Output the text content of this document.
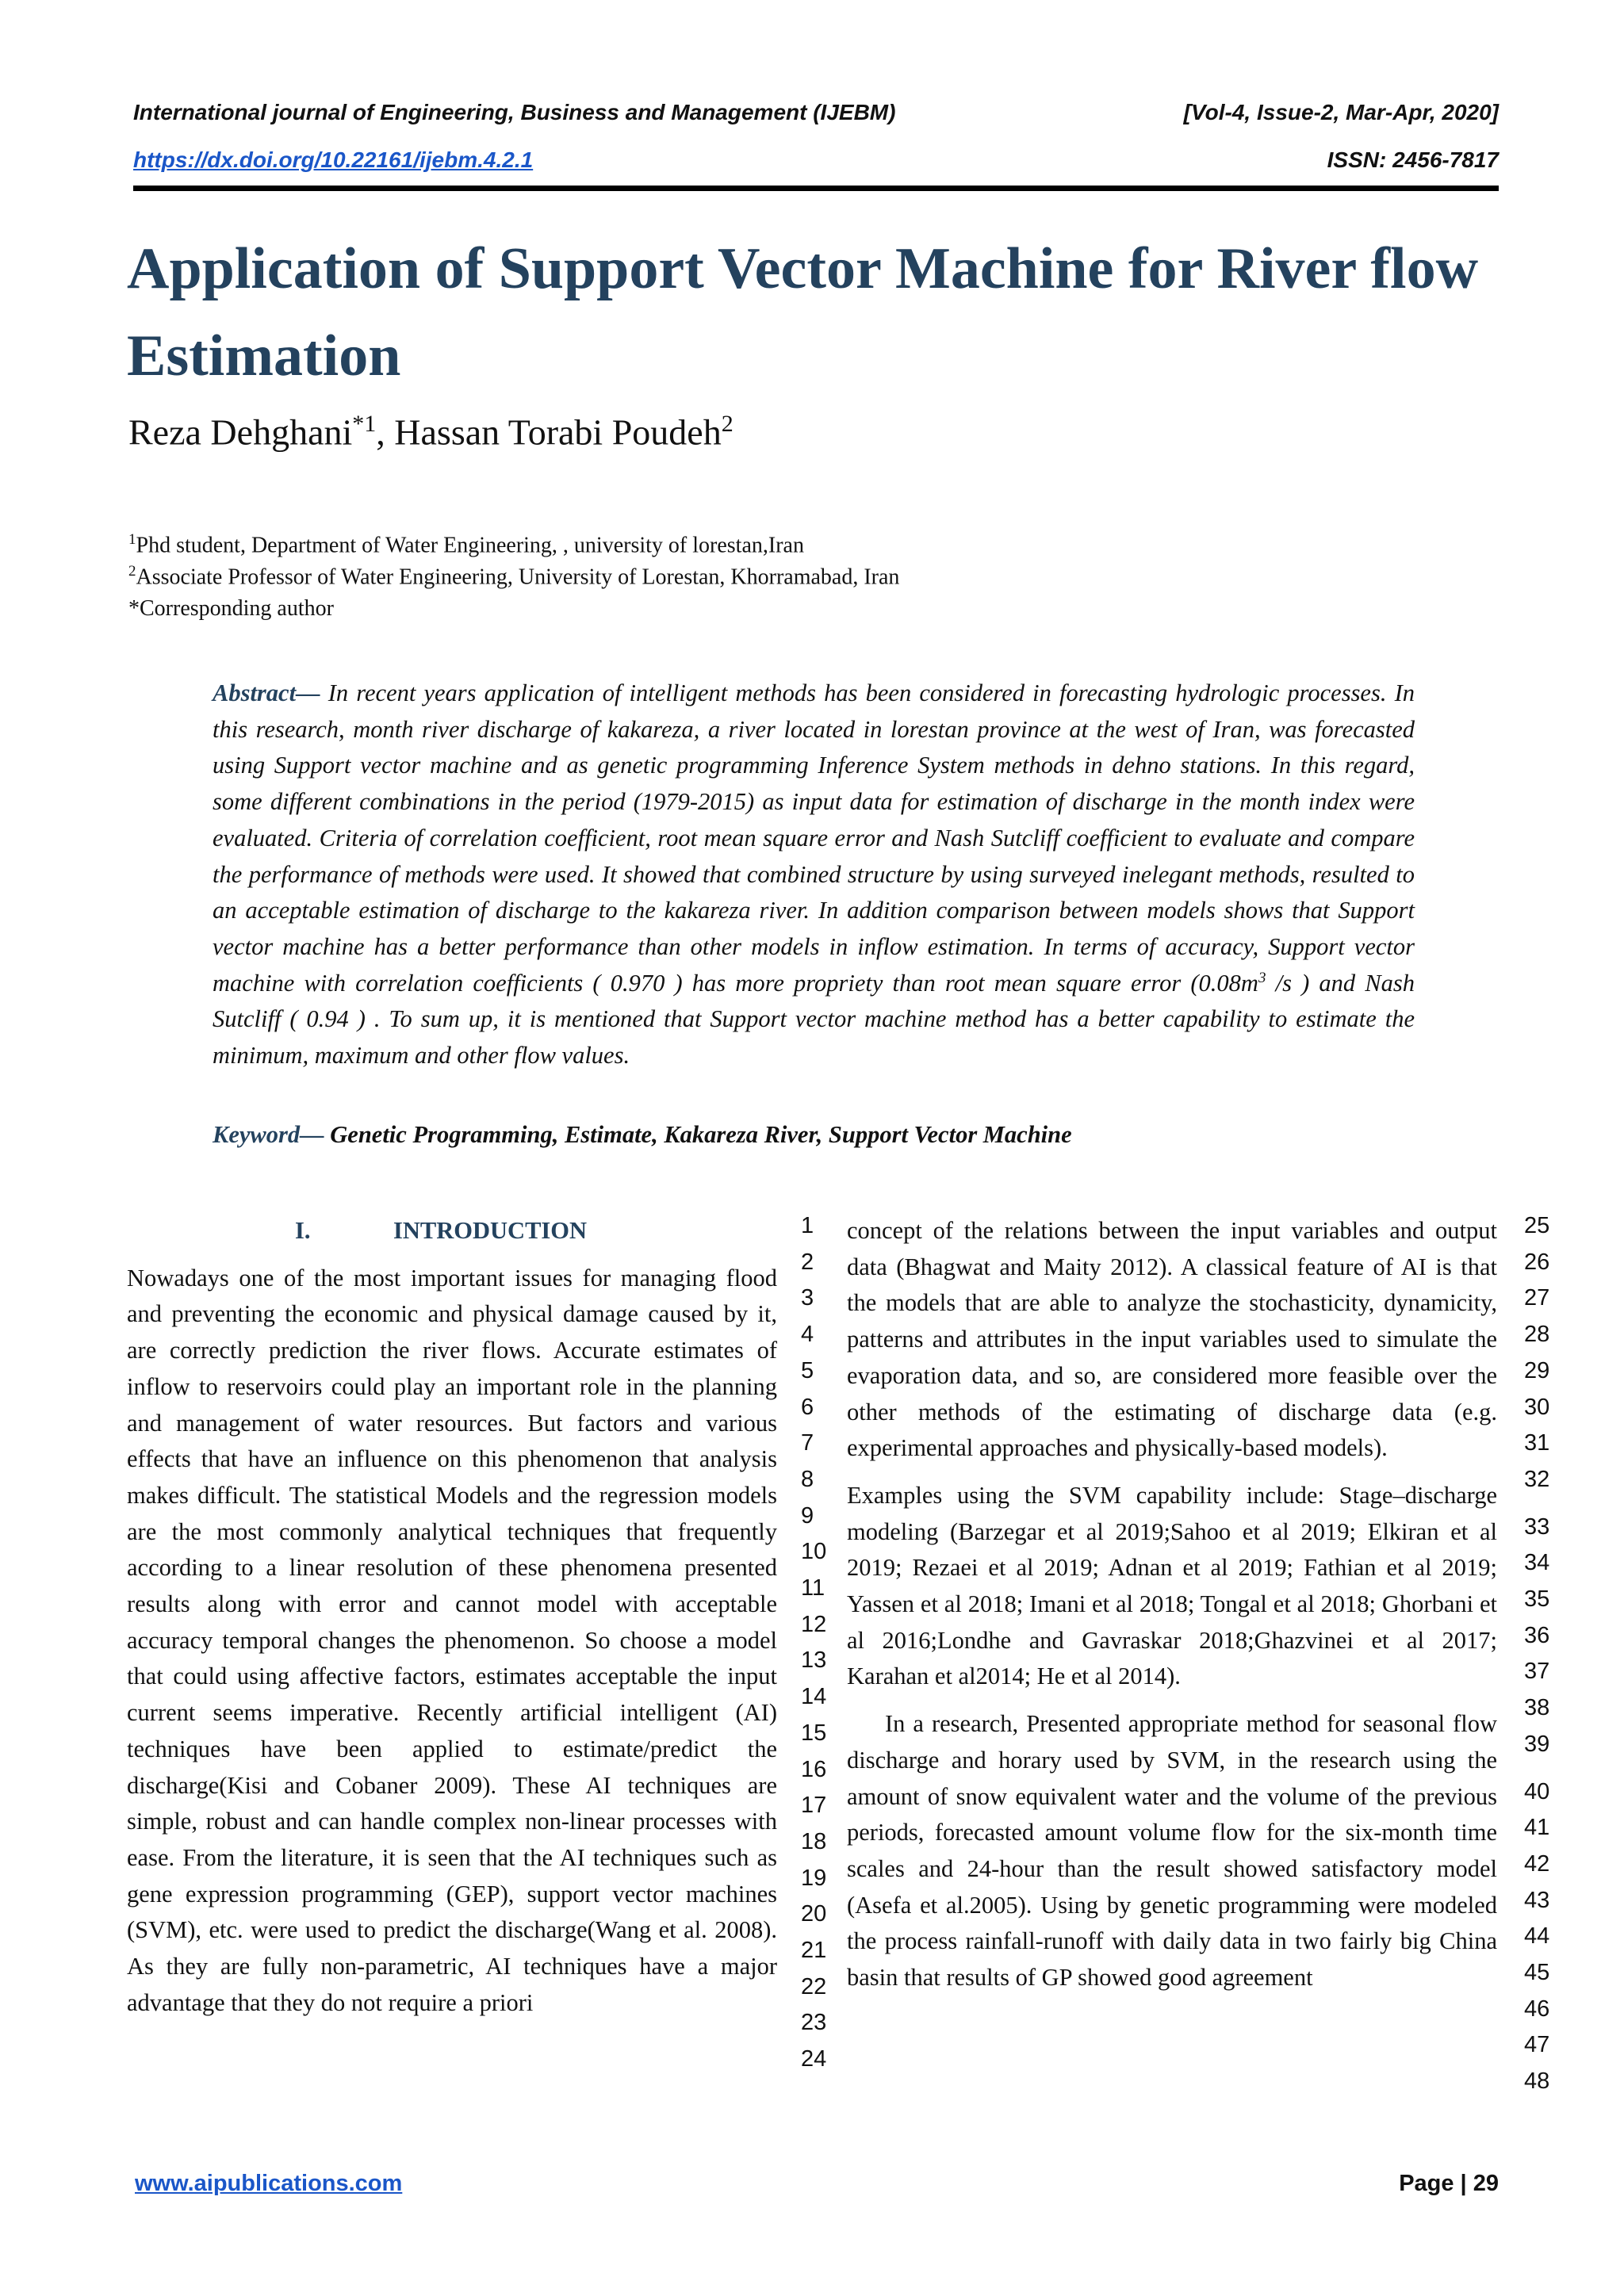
International journal of Engineering, Business and Management (IJEBM)	[Vol-4, Issue-2, Mar-Apr, 2020]
https://dx.doi.org/10.22161/ijebm.4.2.1	ISSN: 2456-7817
Application of Support Vector Machine for River flow Estimation
Reza Dehghani$^{*1}$, Hassan Torabi Poudeh$^2$
$^1$Phd student, Department of Water Engineering, , university of lorestan,Iran
$^2$Associate Professor of Water Engineering, University of Lorestan, Khorramabad, Iran
*Corresponding author

Abstract— In recent years application of intelligent methods has been considered in forecasting hydrologic processes. In this research, month river discharge of kakareza, a river located in lorestan province at the west of Iran, was forecasted using Support vector machine and as genetic programming Inference System methods in dehno stations. In this regard, some different combinations in the period (1979-2015) as input data for estimation of discharge in the month index were evaluated. Criteria of correlation coefficient, root mean square error and Nash Sutcliff coefficient to evaluate and compare the performance of methods were used. It showed that combined structure by using surveyed inelegant methods, resulted to an acceptable estimation of discharge to the kakareza river. In addition comparison between models shows that Support vector machine has a better performance than other models in inflow estimation. In terms of accuracy, Support vector machine with correlation coefficients ( 0.970 ) has more propriety than root mean square error ($0.08m^3$ /s ) and Nash Sutcliff ( 0.94 ) . To sum up, it is mentioned that Support vector machine method has a better capability to estimate the minimum, maximum and other flow values.

Keyword— Genetic Programming, Estimate, Kakareza River, Support Vector Machine
I.	INTRODUCTION

Nowadays one of the most important issues for managing flood and preventing the economic and physical damage caused by it, are correctly prediction the river flows. Accurate estimates of inflow to reservoirs could play an important role in the planning and management of water resources. But factors and various effects that have an influence on this phenomenon that analysis makes difficult. The statistical Models and the regression models are the most commonly analytical techniques that frequently according to a linear resolution of these phenomena presented results along with error and cannot model with acceptable accuracy temporal changes the phenomenon. So choose a model that could using affective factors, estimates acceptable the input current seems imperative. Recently artificial intelligent (AI) techniques have been applied to estimate/predict the discharge(Kisi and Cobaner 2009). These AI techniques are simple, robust and can handle complex non-linear processes with ease. From the literature, it is seen that the AI techniques such as gene expression programming (GEP), support vector machines (SVM), etc. were used to predict the discharge(Wang et al. 2008). As they are fully non-parametric, AI techniques have a major advantage that they do not require a priori

concept of the relations between the input variables and output data (Bhagwat and Maity 2012). A classical feature of AI is that the models that are able to analyze the stochasticity, dynamicity, patterns and attributes in the input variables used to simulate the evaporation data, and so, are considered more feasible over the other methods of the estimating of discharge data (e.g. experimental approaches and physically-based models).

Examples using the SVM capability include: Stage–discharge modeling (Barzegar et al 2019;Sahoo et al 2019; Elkiran et al 2019; Rezaei et al 2019; Adnan et al 2019; Fathian et al 2019; Yassen et al 2018; Imani et al 2018; Tongal et al 2018; Ghorbani et al 2016;Londhe and Gavraskar 2018;Ghazvinei et al 2017; Karahan et al2014; He et al 2014).

In a research, Presented appropriate method for seasonal flow discharge and horary used by SVM, in the research using the amount of snow equivalent water and the volume of the previous periods, forecasted amount volume flow for the six-month time scales and 24-hour than the result showed satisfactory model (Asefa et al.2005). Using by genetic programming were modeled the process rainfall-runoff with daily data in two fairly big China basin that results of GP showed good agreement

1
2
3
4
5
6
7
8
9
10
11
12
13
14
15
16
17
18
19
20
21
22
23
24
25
26
27
28
29
30
31
32
33
34
35
36
37
38
39
40
41
42
43
44
45
46
47
48
www.aipublications.com	Page | 29
